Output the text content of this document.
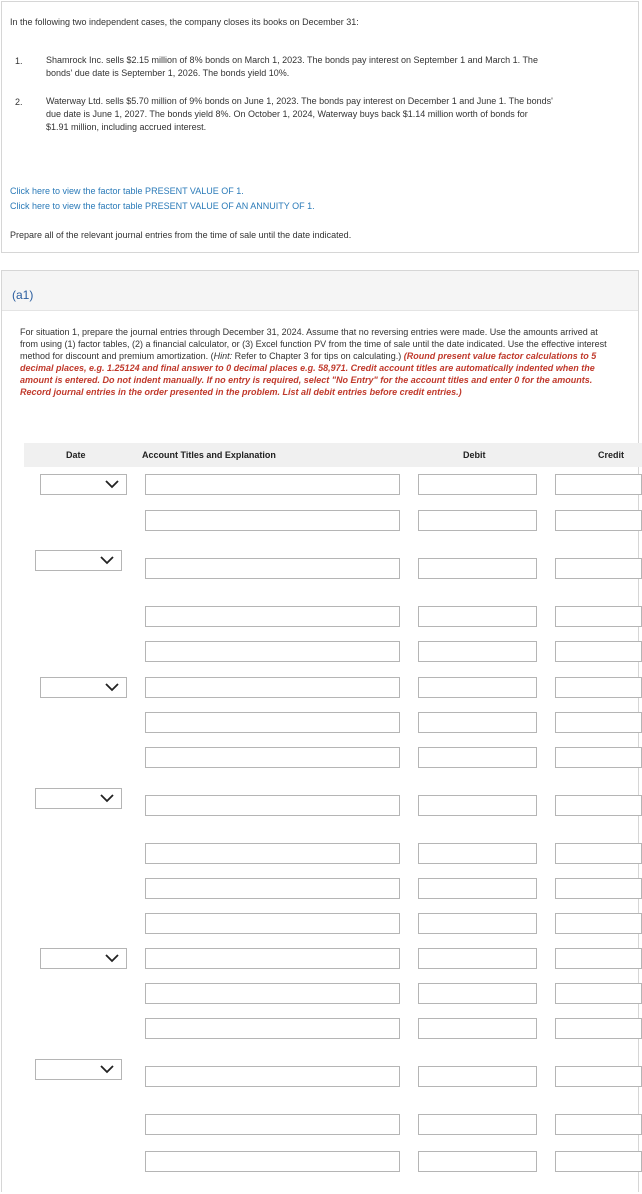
In the following two independent cases, the company closes its books on December 31:
1.	Shamrock Inc. sells $2.15 million of 8% bonds on March 1, 2023. The bonds pay interest on September 1 and March 1. The
bonds' due date is September 1, 2026. The bonds yield 10%.
2.	Waterway Ltd. sells $5.70 million of 9% bonds on June 1, 2023. The bonds pay interest on December 1 and June 1. The bonds'
due date is June 1, 2027. The bonds yield 8%. On October 1, 2024, Waterway buys back $1.14 million worth of bonds for
$1.91 million, including accrued interest.
Click here to view the factor table PRESENT VALUE OF 1.
Click here to view the factor table PRESENT VALUE OF AN ANNUITY OF 1.
Prepare all of the relevant journal entries from the time of sale until the date indicated.
(a1)
For situation 1, prepare the journal entries through December 31, 2024. Assume that no reversing entries were made. Use the amounts arrived at from using (1) factor tables, (2) a financial calculator, or (3) Excel function PV from the time of sale until the date indicated. Use the effective interest method for discount and premium amortization. (Hint: Refer to Chapter 3 for tips on calculating.) (Round present value factor calculations to 5 decimal places, e.g. 1.25124 and final answer to 0 decimal places e.g. 58,971. Credit account titles are automatically indented when the amount is entered. Do not indent manually. If no entry is required, select "No Entry" for the account titles and enter 0 for the amounts. Record journal entries in the order presented in the problem. List all debit entries before credit entries.)
Date	Account Titles and Explanation	Debit	Credit
